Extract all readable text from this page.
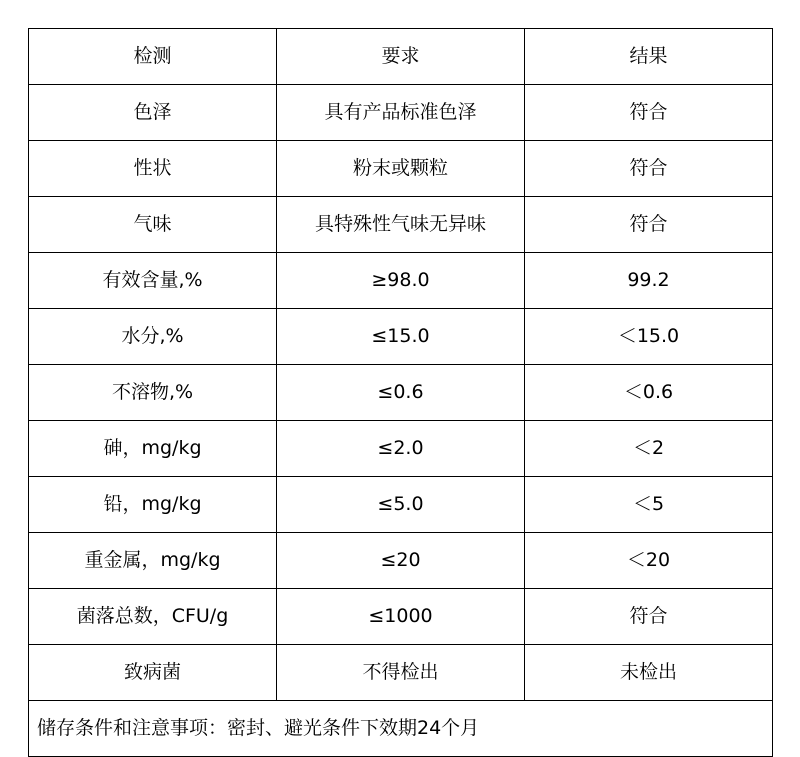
检测	要求	结果

色泽	具有产品标准色泽	符合

性状	粉末或颗粒	符合

气味	具特殊性气味无异味	符合

有效含量,%	≥98.0	99.2

水分,%	≤15.0	＜15.0

不溶物,%	≤0.6	＜0.6

砷，mg/kg	≤2.0	＜2

铅，mg/kg	≤5.0	＜5

重金属，mg/kg	≤20	＜20

菌落总数，CFU/g	≤1000	符合

致病菌	不得检出	未检出

储存条件和注意事项：密封、避光条件下效期24个月		
